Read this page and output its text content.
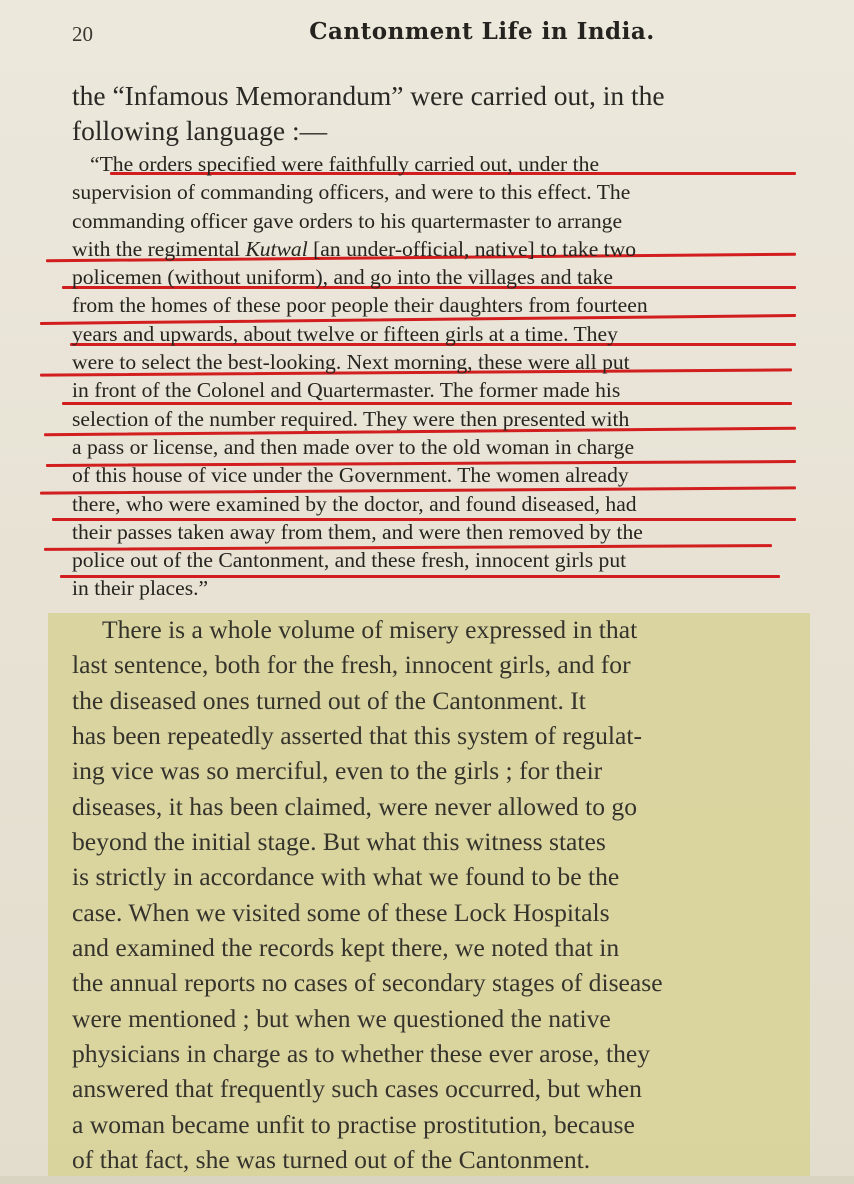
20	Cantonment Life in India.
the “Infamous Memorandum” were carried out, in the
following language :—
“The orders specified were faithfully carried out, under the
supervision of commanding officers, and were to this effect. The
commanding officer gave orders to his quartermaster to arrange
with the regimental Kutwal [an under-official, native] to take two
policemen (without uniform), and go into the villages and take
from the homes of these poor people their daughters from fourteen
years and upwards, about twelve or fifteen girls at a time. They
were to select the best-looking. Next morning, these were all put
in front of the Colonel and Quartermaster. The former made his
selection of the number required. They were then presented with
a pass or license, and then made over to the old woman in charge
of this house of vice under the Government. The women already
there, who were examined by the doctor, and found diseased, had
their passes taken away from them, and were then removed by the
police out of the Cantonment, and these fresh, innocent girls put
in their places.”
There is a whole volume of misery expressed in that
last sentence, both for the fresh, innocent girls, and for
the diseased ones turned out of the Cantonment. It
has been repeatedly asserted that this system of regulat-
ing vice was so merciful, even to the girls ; for their
diseases, it has been claimed, were never allowed to go
beyond the initial stage. But what this witness states
is strictly in accordance with what we found to be the
case. When we visited some of these Lock Hospitals
and examined the records kept there, we noted that in
the annual reports no cases of secondary stages of disease
were mentioned ; but when we questioned the native
physicians in charge as to whether these ever arose, they
answered that frequently such cases occurred, but when
a woman became unfit to practise prostitution, because
of that fact, she was turned out of the Cantonment.
